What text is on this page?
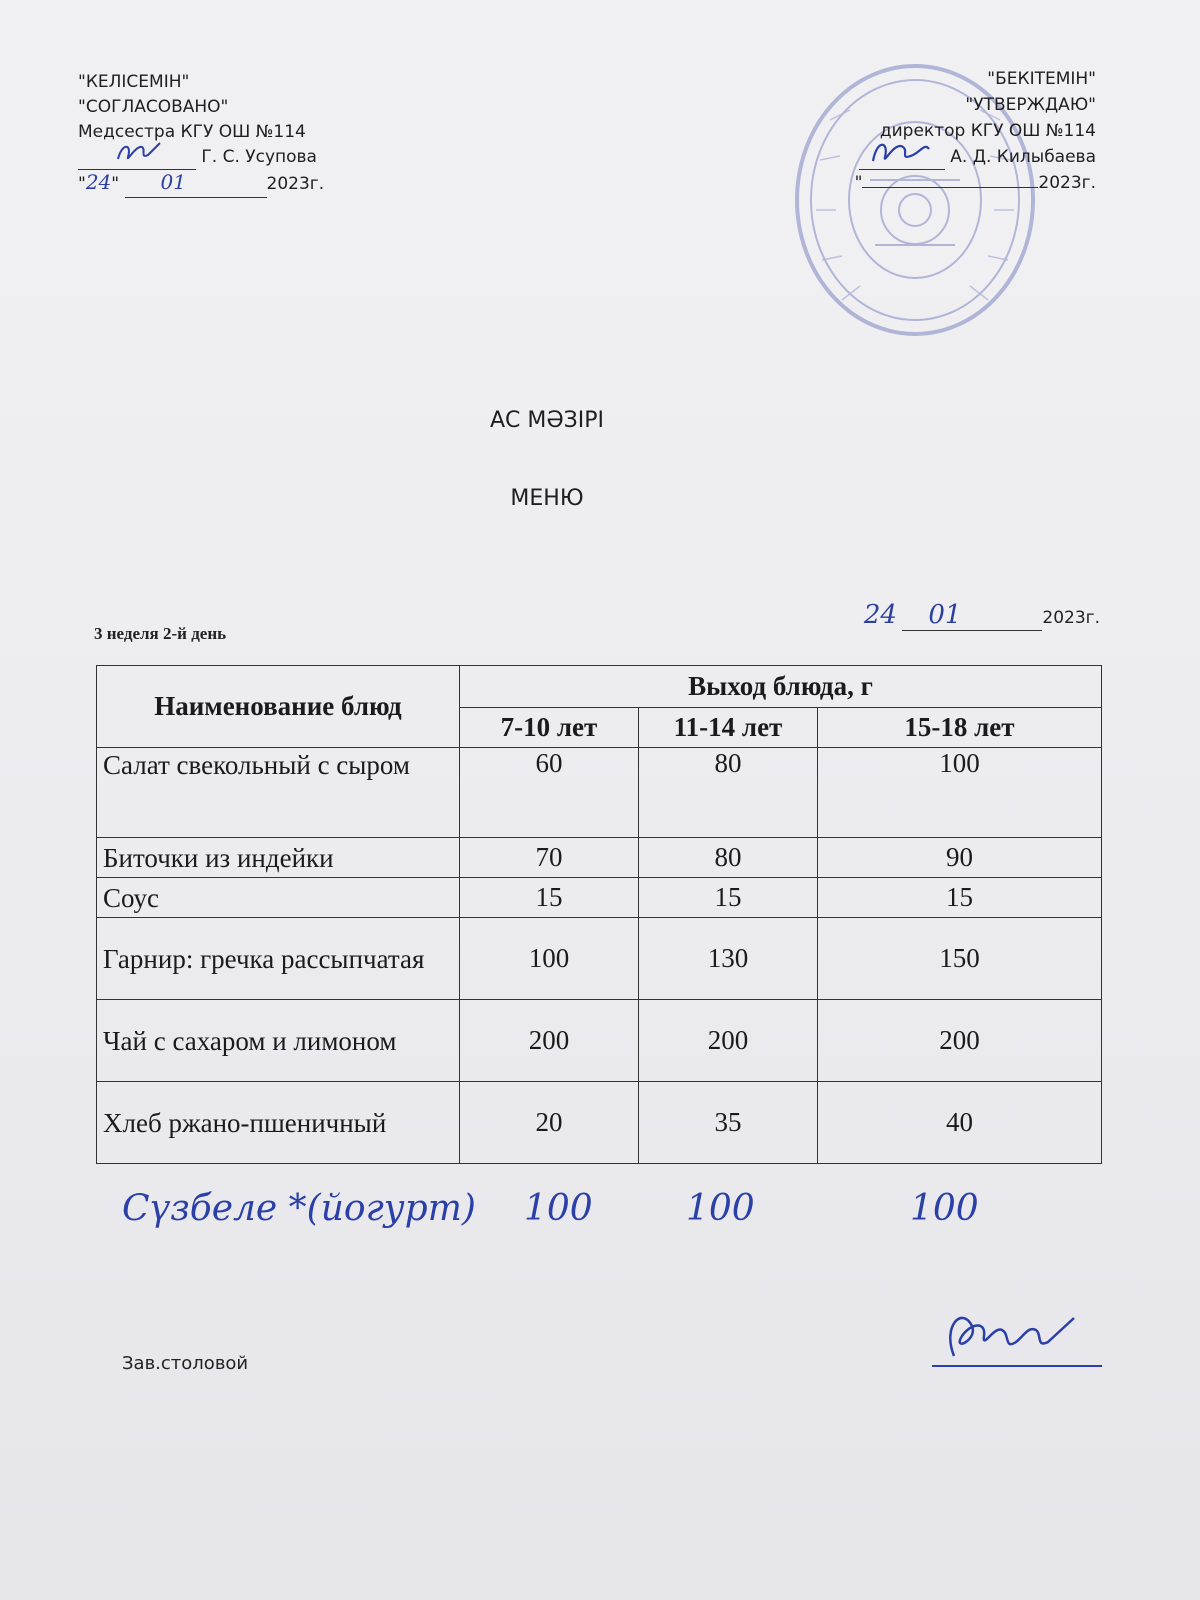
"КЕЛІСЕМІН"
"СОГЛАСОВАНО"
Медсестра КГУ ОШ №114
Г. С. Усупова
"24" 01	2023г.
"БЕКІТЕМІН"
"УТВЕРЖДАЮ"
директор КГУ ОШ №114
А. Д. Килыбаева
"	2023г.
АС МӘЗІРІ
МЕНЮ
3 неделя 2-й день
24 01	2023г.
Наименование блюд	Выход блюда, г		
	7-10 лет	11-14 лет	15-18 лет
Салат свекольный с сыром	60	80	100
Биточки из индейки	70	80	90
Соус	15	15	15
Гарнир: гречка рассыпчатая	100	130	150
Чай с сахаром и лимоном	200	200	200
Хлеб ржано-пшеничный	20	35	40
Сүзбеле *(йогурт) 100	100	100
Зав.столовой
